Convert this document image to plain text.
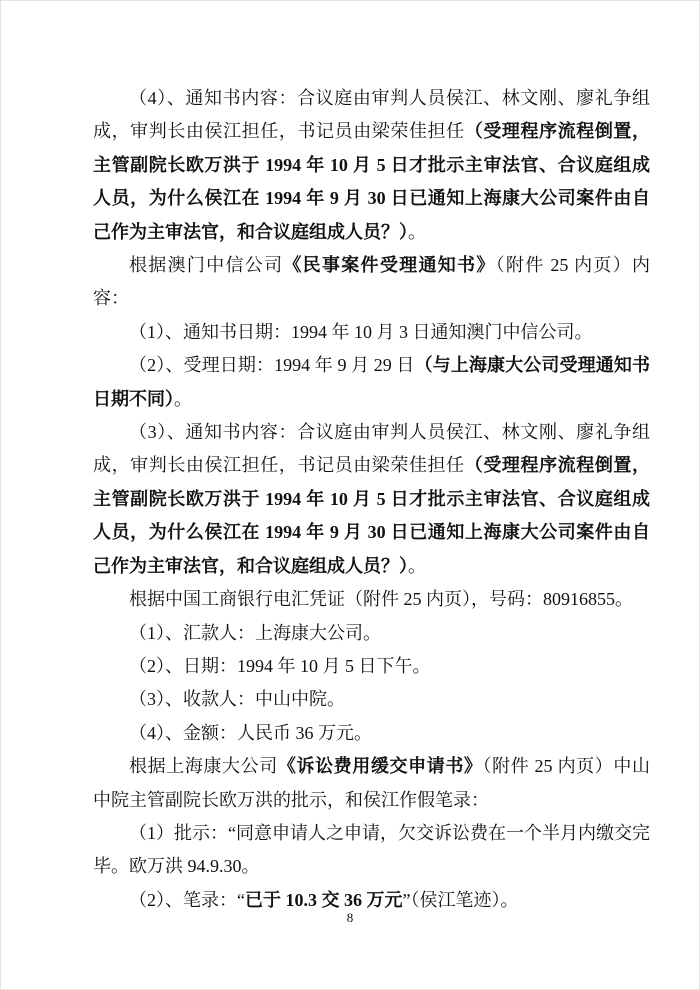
（4）、通知书内容：合议庭由审判人员侯江、林文刚、廖礼争组成，审判长由侯江担任，书记员由梁荣佳担任（受理程序流程倒置，主管副院长欧万洪于 1994 年 10 月 5 日才批示主审法官、合议庭组成人员，为什么侯江在 1994 年 9 月 30 日已通知上海康大公司案件由自己作为主审法官，和合议庭组成人员？）。

根据澳门中信公司《民事案件受理通知书》（附件 25 内页）内容：

（1）、通知书日期：1994 年 10 月 3 日通知澳门中信公司。

（2）、受理日期：1994 年 9 月 29 日（与上海康大公司受理通知书日期不同）。

（3）、通知书内容：合议庭由审判人员侯江、林文刚、廖礼争组成，审判长由侯江担任，书记员由梁荣佳担任（受理程序流程倒置，主管副院长欧万洪于 1994 年 10 月 5 日才批示主审法官、合议庭组成人员，为什么侯江在 1994 年 9 月 30 日已通知上海康大公司案件由自己作为主审法官，和合议庭组成人员？）。

根据中国工商银行电汇凭证（附件 25 内页），号码：80916855。

（1）、汇款人：上海康大公司。

（2）、日期：1994 年 10 月 5 日下午。

（3）、收款人：中山中院。

（4）、金额：人民币 36 万元。

根据上海康大公司《诉讼费用缓交申请书》（附件 25 内页）中山中院主管副院长欧万洪的批示，和侯江作假笔录：

（1）批示：“同意申请人之申请，欠交诉讼费在一个半月内缴交完毕。欧万洪 94.9.30。

（2）、笔录：“已于 10.3 交 36 万元”（侯江笔迹）。

8
